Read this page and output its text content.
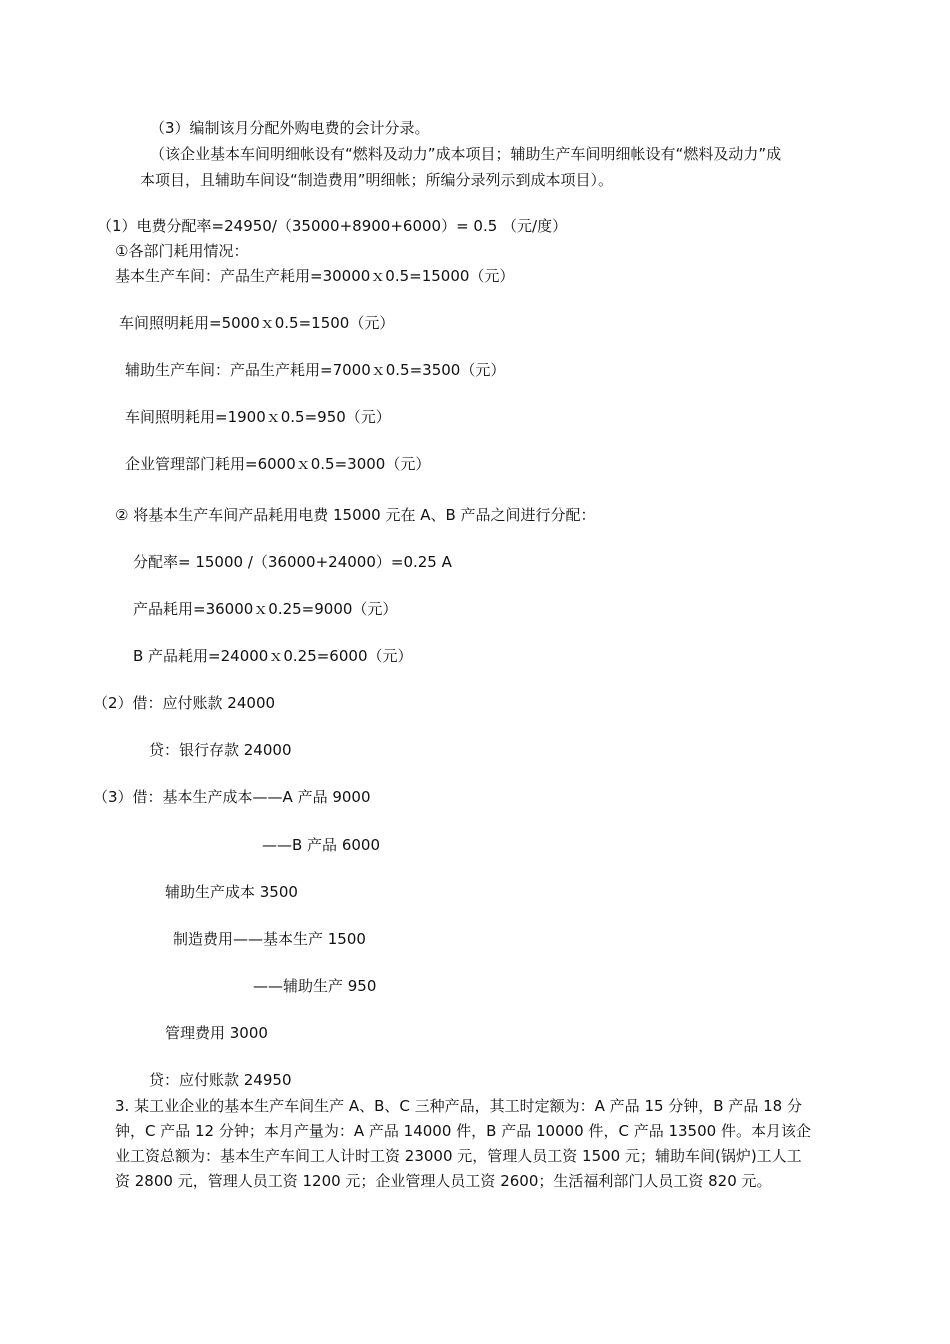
（3）编制该月分配外购电费的会计分录。
（该企业基本车间明细帐设有“燃料及动力”成本项目；辅助生产车间明细帐设有“燃料及动力”成
本项目，且辅助车间设“制造费用”明细帐；所编分录列示到成本项目）。
（1）电费分配率=24950/（35000+8900+6000）= 0.5 （元/度）
①各部门耗用情况：
基本生产车间：产品生产耗用=30000ｘ0.5=15000（元）
车间照明耗用=5000ｘ0.5=1500（元）
辅助生产车间：产品生产耗用=7000ｘ0.5=3500（元）
车间照明耗用=1900ｘ0.5=950（元）
企业管理部门耗用=6000ｘ0.5=3000（元）
② 将基本生产车间产品耗用电费 15000 元在 A、B 产品之间进行分配：
分配率= 15000 /（36000+24000）=0.25 A
产品耗用=36000ｘ0.25=9000（元）
B 产品耗用=24000ｘ0.25=6000（元）
（2）借：应付账款 24000
贷：银行存款 24000
（3）借：基本生产成本——A 产品 9000
——B 产品 6000
辅助生产成本 3500
制造费用——基本生产 1500
——辅助生产 950
管理费用 3000
贷：应付账款 24950
3. 某工业企业的基本生产车间生产 A、B、C 三种产品，其工时定额为：A 产品 15 分钟，B 产品 18 分钟，C 产品 12 分钟；本月产量为：A 产品 14000 件，B 产品 10000 件，C 产品 13500 件。本月该企业工资总额为：基本生产车间工人计时工资 23000 元，管理人员工资 1500 元；辅助车间(锅炉)工人工资 2800 元，管理人员工资 1200 元；企业管理人员工资 2600；生活福利部门人员工资 820 元。
